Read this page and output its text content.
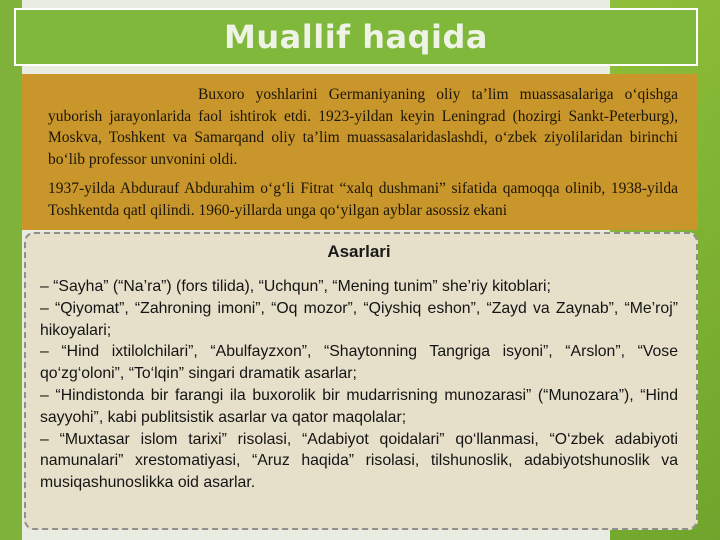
Muallif haqida

Buxoro yoshlarini Germaniyaning oliy ta’lim muassasalariga o‘qishga yuborish jarayonlarida faol ishtirok etdi. 1923-yildan keyin Leningrad (hozirgi Sankt-Peterburg), Moskva, Toshkent va Samarqand oliy ta’lim muassasalaridaslashdi, o‘zbek ziyolilaridan birinchi bo‘lib professor unvonini oldi.

1937-yilda Abdurauf Abdurahim o‘g‘li Fitrat “xalq dushmani” sifatida qamoqqa olinib, 1938-yilda Toshkentda qatl qilindi. 1960-yillarda unga qo‘yilgan ayblar asossiz ekani

Asarlari

– “Sayha” (“Na’ra”) (fors tilida), “Uchqun”, “Mening tunim” she’riy kitoblari;

– “Qiyomat”, “Zahroning imoni”, “Oq mozor”, “Qiyshiq eshon”, “Zayd va Zaynab”, “Me’roj” hikoyalari;

– “Hind ixtilolchilari”, “Abulfayzxon”, “Shaytonning Tangriga isyoni”, “Arslon”, “Vose qo‘zg‘oloni”, “To‘lqin” singari dramatik asarlar;

– “Hindistonda bir farangi ila buxorolik bir mudarrisning munozarasi” (“Munozara”), “Hind sayyohi”, kabi publitsistik asarlar va qator maqolalar;

– “Muxtasar islom tarixi” risolasi, “Adabiyot qoidalari” qo‘llanmasi, “O‘zbek adabiyoti namunalari” xrestomatiyasi, “Aruz haqida” risolasi, tilshunoslik, adabiyotshunoslik va musiqashunoslikka oid asarlar.
